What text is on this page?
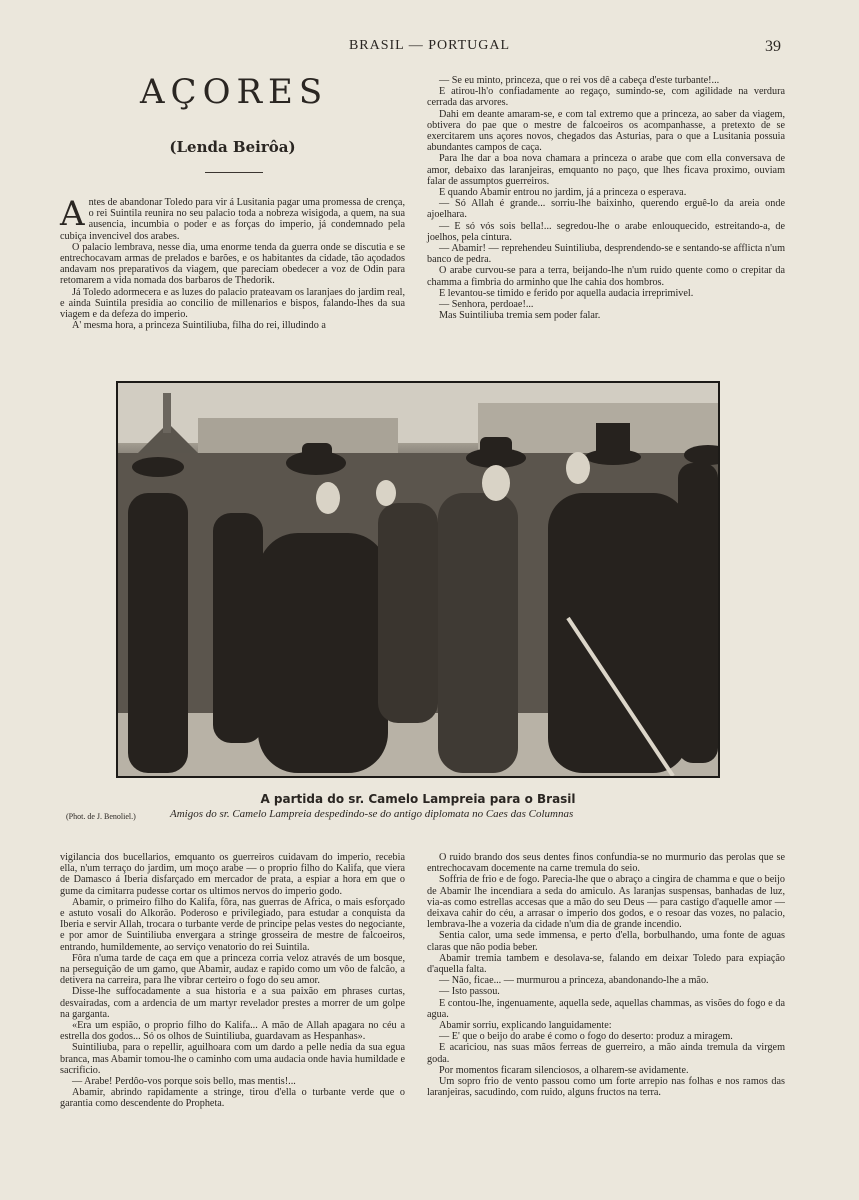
BRASIL — PORTUGAL	39
AÇORES
(Lenda Beirôa)

Antes de abandonar Toledo para vir á Lusitania pagar uma promessa de crença, o rei Suintila reunira no seu palacio toda a nobreza wisigoda, a quem, na sua ausencia, incumbia o poder e as forças do imperio, já condemnado pela cubiça invencivel dos arabes.

O palacio lembrava, nesse dia, uma enorme tenda da guerra onde se discutia e se entrechocavam armas de prelados e barões, e os habitantes da cidade, tão açodados andavam nos preparativos da viagem, que pareciam obedecer a voz de Odin para retomarem a vida nomada dos barbaros de Thedorik.

Já Toledo adormecera e as luzes do palacio prateavam os laranjaes do jardim real, e ainda Suintila presidia ao concilio de millenarios e bispos, falando-lhes da sua viagem e da defeza do imperio.

A' mesma hora, a princeza Suintiliuba, filha do rei, illudindo a

— Se eu minto, princeza, que o rei vos dê a cabeça d'este turbante!...

E atirou-lh'o confiadamente ao regaço, sumindo-se, com agilidade na verdura cerrada das arvores.

Dahi em deante amaram-se, e com tal extremo que a princeza, ao saber da viagem, obtivera do pae que o mestre de falcoeiros os acompanhasse, a pretexto de se exercitarem uns açores novos, chegados das Asturias, para o que a Lusitania possuia abundantes campos de caça.

Para lhe dar a boa nova chamara a princeza o arabe que com ella conversava de amor, debaixo das laranjeiras, emquanto no paço, que lhes ficava proximo, ouviam falar de assumptos guerreiros.

E quando Abamir entrou no jardim, já a princeza o esperava.

— Só Allah é grande... sorriu-lhe baixinho, querendo erguê-lo da areia onde ajoelhara.

— E só vós sois bella!... segredou-lhe o arabe enlouquecido, estreitando-a, de joelhos, pela cintura.

— Abamir! — reprehendeu Suintiliuba, desprendendo-se e sentando-se afflicta n'um banco de pedra.

O arabe curvou-se para a terra, beijando-lhe n'um ruido quente como o crepitar da chamma a fimbria do arminho que lhe cahia dos hombros.

E levantou-se timido e ferido por aquella audacia irreprimivel.

— Senhora, perdoae!...

Mas Suintiliuba tremia sem poder falar.

A partida do sr. Camelo Lampreia para o Brasil
(Phot. de J. Benoliel.)	Amigos do sr. Camelo Lampreia despedindo-se do antigo diplomata no Caes das Columnas

vigilancia dos bucellarios, emquanto os guerreiros cuidavam do imperio, recebia ella, n'um terraço do jardim, um moço arabe — o proprio filho do Kalifa, que viera de Damasco á Iberia disfarçado em mercador de prata, a espiar a hora em que o gume da cimitarra pudesse cortar os ultimos nervos do imperio godo.

Abamir, o primeiro filho do Kalifa, fôra, nas guerras de Africa, o mais esforçado e astuto vosali do Alkorão. Poderoso e privilegiado, para estudar a conquista da Iberia e servir Allah, trocara o turbante verde de principe pelas vestes do negociante, e por amor de Suintiliuba envergara a stringe grosseira de mestre de falcoeiros, entrando, humildemente, ao serviço venatorio do rei Suintila.

Fôra n'uma tarde de caça em que a princeza corria veloz através de um bosque, na perseguição de um gamo, que Abamir, audaz e rapido como um vôo de falcão, a detivera na carreira, para lhe vibrar certeiro o fogo do seu amor.

Disse-lhe suffocadamente a sua historia e a sua paixão em phrases curtas, desvairadas, com a ardencia de um martyr revelador prestes a morrer de um golpe na garganta.

«Era um espião, o proprio filho do Kalifa... A mão de Allah apagara no céu a estrella dos godos... Só os olhos de Suintiliuba, guardavam as Hespanhas».

Suintiliuba, para o repellir, aguilhoara com um dardo a pelle nedia da sua egua branca, mas Abamir tomou-lhe o caminho com uma audacia onde havia humildade e sacrificio.

— Arabe! Perdôo-vos porque sois bello, mas mentis!...

Abamir, abrindo rapidamente a stringe, tirou d'ella o turbante verde que o garantia como descendente do Propheta.

O ruido brando dos seus dentes finos confundia-se no murmurio das perolas que se entrechocavam docemente na carne tremula do seio.

Soffria de frio e de fogo. Parecia-lhe que o abraço a cingira de chamma e que o beijo de Abamir lhe incendiara a seda do amiculo. As laranjas suspensas, banhadas de luz, via-as como estrellas accesas que a mão do seu Deus — para castigo d'aquelle amor — deixava cahir do céu, a arrasar o imperio dos godos, e o resoar das vozes, no palacio, lembrava-lhe a vozeria da cidade n'um dia de grande incendio.

Sentia calor, uma sede immensa, e perto d'ella, borbulhando, uma fonte de aguas claras que não podia beber.

Abamir tremia tambem e desolava-se, falando em deixar Toledo para expiação d'aquella falta.

— Não, ficae... — murmurou a princeza, abandonando-lhe a mão.

— Isto passou.

E contou-lhe, ingenuamente, aquella sede, aquellas chammas, as visões do fogo e da agua.

Abamir sorriu, explicando languidamente:

— E' que o beijo do arabe é como o fogo do deserto: produz a miragem.

E acariciou, nas suas mãos ferreas de guerreiro, a mão ainda tremula da virgem goda.

Por momentos ficaram silenciosos, a olharem-se avidamente.

Um sopro frio de vento passou como um forte arrepio nas folhas e nos ramos das laranjeiras, sacudindo, com ruido, alguns fructos na terra.
